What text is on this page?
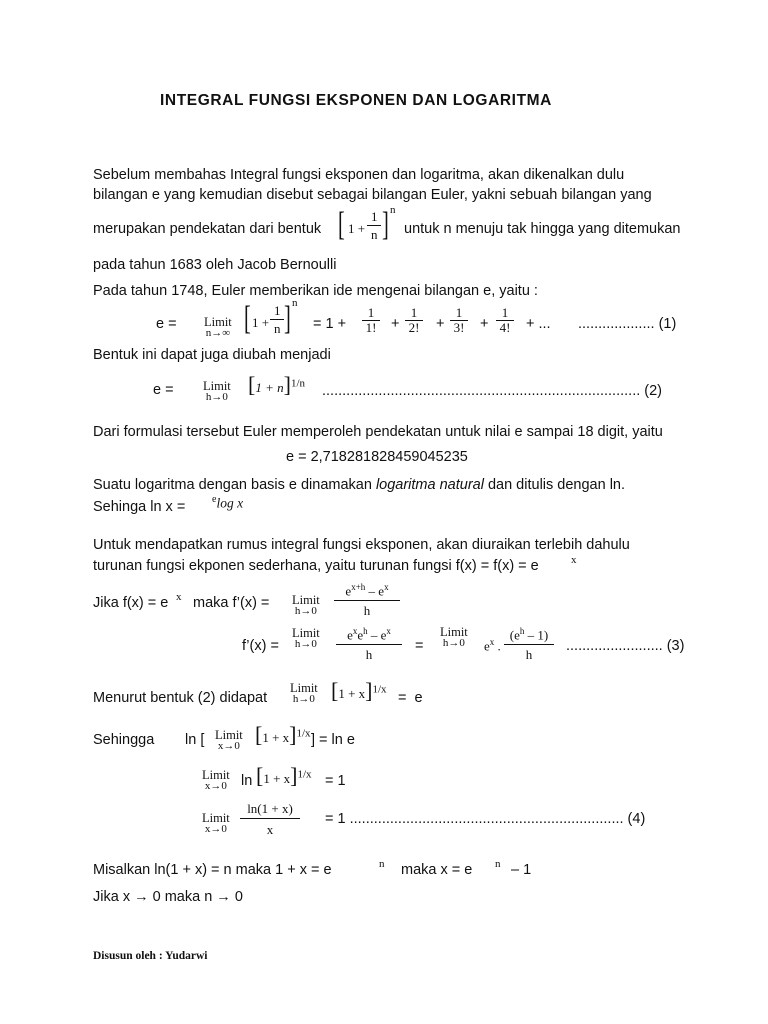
INTEGRAL FUNGSI EKSPONEN DAN LOGARITMA
Sebelum membahas Integral fungsi eksponen dan logaritma, akan dikenalkan dulu
bilangan e yang kemudian disebut sebagai bilangan Euler, yakni sebuah bilangan yang
merupakan pendekatan dari bentuk [ 1 +
1
n ] n
untuk n menuju tak hingga yang ditemukan
pada tahun 1683 oleh Jacob Bernoulli
Pada tahun 1748, Euler memberikan ide mengenai bilangan e, yaitu :
e = Limit
n→∞ [ 1 +
1
n ] n
= 1 +
1
1! +
1
2! +
1
3! +
1
4! + ... ................... (1)
Bentuk ini dapat juga diubah menjadi
e = Limit
h→0 $[1 + n]^{1/n}$ ............................................................................... (2)
Dari formulasi tersebut Euler memperoleh pendekatan untuk nilai e sampai 18 digit, yaitu
e = 2,718281828459045235
Suatu logaritma dengan basis e dinamakan logaritma natural dan ditulis dengan ln.
Sehinga ln x =	$^e$log x
Untuk mendapatkan rumus integral fungsi eksponen, akan diuraikan terlebih dahulu
turunan fungsi ekponen sederhana, yaitu turunan fungsi f(x) = f(x) = e	x
Jika f(x) = e x maka f’(x) = Limit
h→0
$e^{x+h} - e^x$
h
f’(x) =
Limit
h→0
$e^xe^h - e^x$
h
=
Limit
h→0 $e^x$ .
$(e^h - 1)$
h
........................ (3)
Menurut bentuk (2) didapat
Limit
h→0 $[1 + x]^{1/x}$
=  e
Sehingga ln [ Limit
x→0 $[1 + x]^{1/x}$ ] = ln e
Limit
x→0 $\ln [1 + x]^{1/x} = 1$
Limit
x→0
ln(1 + x)
x
= 1 .................................................................... (4)
Misalkan ln(1 + x) = n maka 1 + x = e	n maka x = e n – 1
Jika x → 0 maka n → 0
Disusun oleh : Yudarwi
